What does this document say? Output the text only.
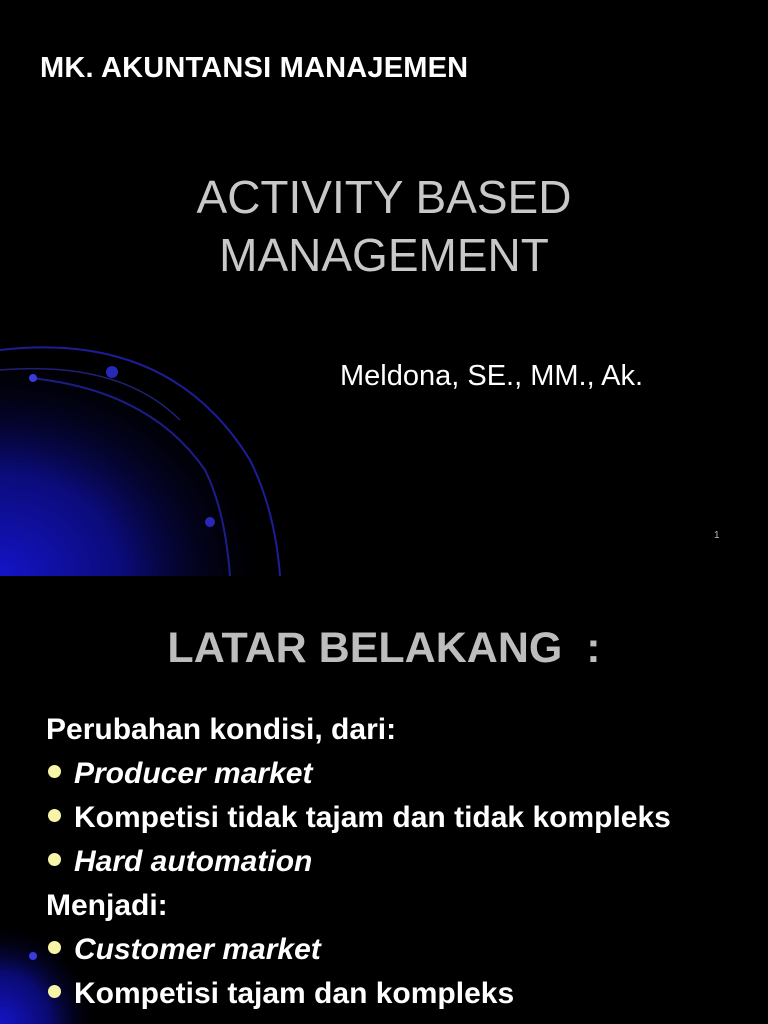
MK. AKUNTANSI MANAJEMEN
ACTIVITY BASED
MANAGEMENT
Meldona, SE., MM., Ak.
1
LATAR BELAKANG  :
Perubahan kondisi, dari:
Producer market
Kompetisi tidak tajam dan tidak kompleks
Hard automation
Menjadi:
Customer market
Kompetisi tajam dan kompleks
